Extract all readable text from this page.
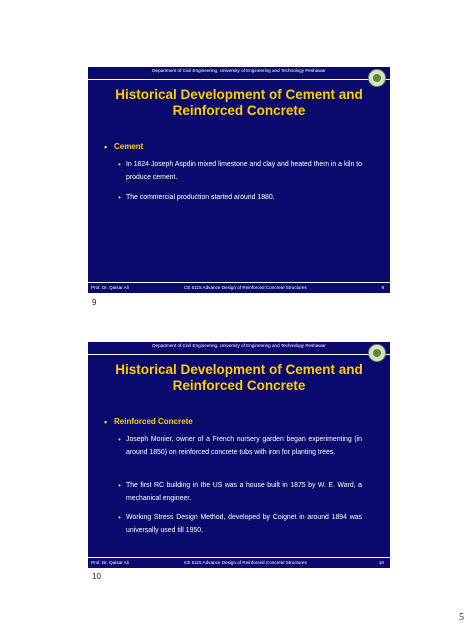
Department of Civil Engineering, University of Engineering and Technology Peshawar
Historical Development of Cement and Reinforced Concrete
• Cement
• In 1824 Joseph Aspdin mixed limestone and clay and heated them in a kiln to produce cement.
• The commercial production started around 1880.
Prof. Dr. Qaisar Ali	CE 5115 Advance Design of Reinforced Concrete Structures	9
9
Department of Civil Engineering, University of Engineering and Technology Peshawar
Historical Development of Cement and Reinforced Concrete
• Reinforced Concrete
• Joseph Monier, owner of a French nursery garden began experimenting (in around 1850) on reinforced concrete tubs with iron for planting trees.
• The first RC building in the US was a house built in 1875 by W. E. Ward, a mechanical engineer.
• Working Stress Design Method, developed by Coignet in around 1894 was universally used till 1950.
Prof. Dr. Qaisar Ali	CE 5115 Advance Design of Reinforced Concrete Structures	10
10
5
